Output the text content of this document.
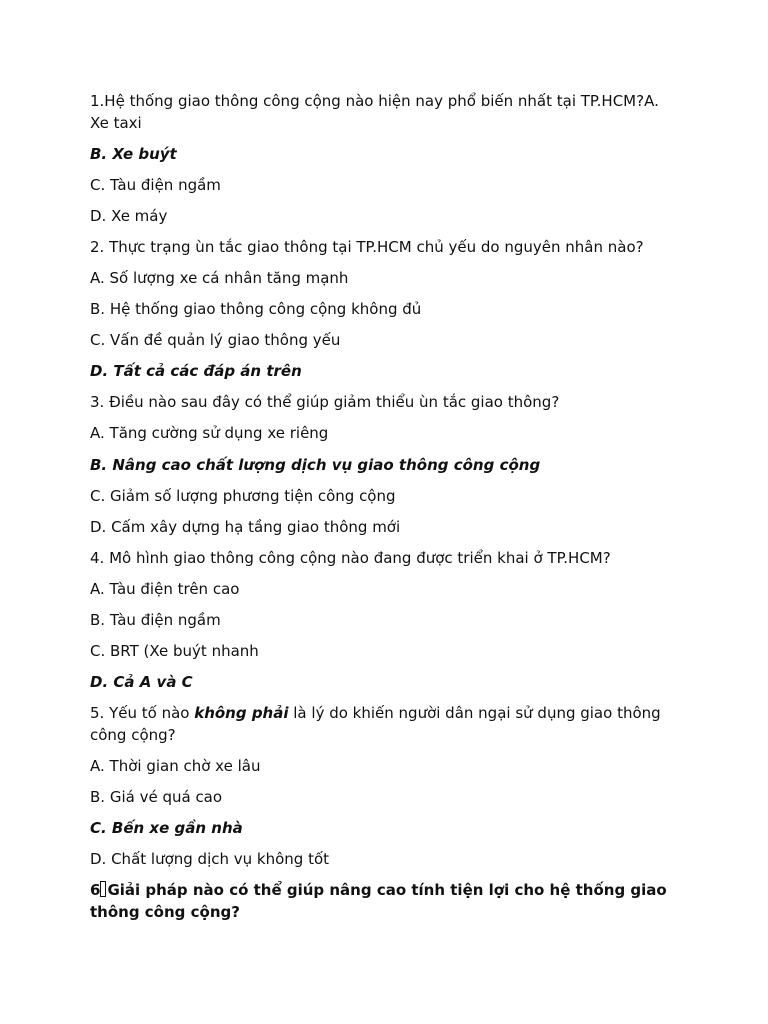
1.Hệ thống giao thông công cộng nào hiện nay phổ biến nhất tại TP.HCM?A. Xe taxi

B. Xe buýt

C. Tàu điện ngầm

D. Xe máy

2. Thực trạng ùn tắc giao thông tại TP.HCM chủ yếu do nguyên nhân nào?

A. Số lượng xe cá nhân tăng mạnh

B. Hệ thống giao thông công cộng không đủ

C. Vấn đề quản lý giao thông yếu

D. Tất cả các đáp án trên

3. Điều nào sau đây có thể giúp giảm thiểu ùn tắc giao thông?

A. Tăng cường sử dụng xe riêng

B. Nâng cao chất lượng dịch vụ giao thông công cộng

C. Giảm số lượng phương tiện công cộng

D. Cấm xây dựng hạ tầng giao thông mới

4. Mô hình giao thông công cộng nào đang được triển khai ở TP.HCM?

A. Tàu điện trên cao

B. Tàu điện ngầm

C. BRT (Xe buýt nhanh

D. Cả A và C

5. Yếu tố nào không phải là lý do khiến người dân ngại sử dụng giao thông công cộng?

A. Thời gian chờ xe lâu

B. Giá vé quá cao

C. Bến xe gần nhà

D. Chất lượng dịch vụ không tốt

6 Giải pháp nào có thể giúp nâng cao tính tiện lợi cho hệ thống giao thông công cộng?
